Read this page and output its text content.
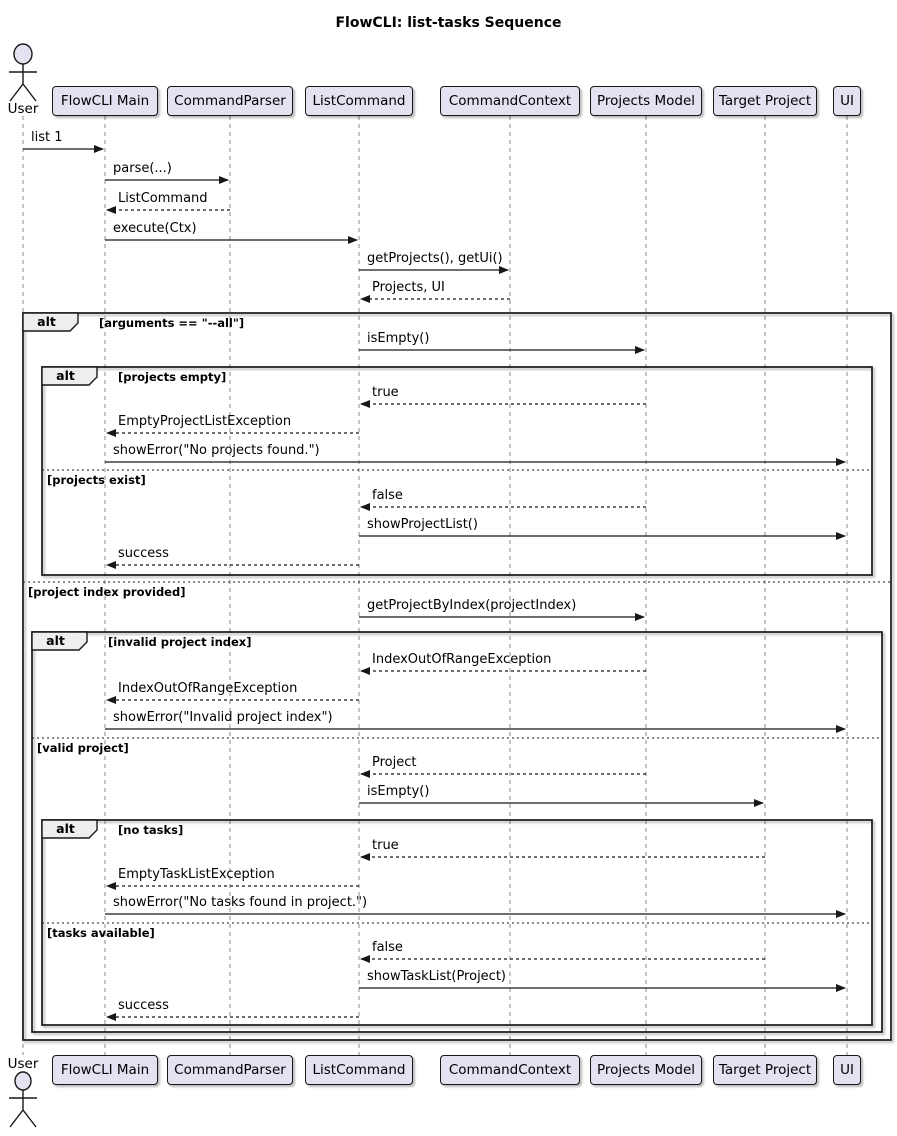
FlowCLI: list-tasks Sequence
FlowCLI Main
FlowCLI Main
CommandParser
CommandParser
ListCommand
ListCommand
CommandContext
CommandContext
Projects Model
Projects Model
Target Project
Target Project
UI
UI
alt	[arguments == "--all"]
[project index provided]
alt	[projects empty]
[projects exist]
alt	[invalid project index]
[valid project]
alt	[no tasks]
[tasks available]
list 1
parse(...)
ListCommand
execute(Ctx)
getProjects(), getUi()
Projects, UI
isEmpty()
true
EmptyProjectListException
showError("No projects found.")
false
showProjectList()
success
getProjectByIndex(projectIndex)
IndexOutOfRangeException
IndexOutOfRangeException
showError("Invalid project index")
Project
isEmpty()
true
EmptyTaskListException
showError("No tasks found in project.")
false
showTaskList(Project)
success
User
User
